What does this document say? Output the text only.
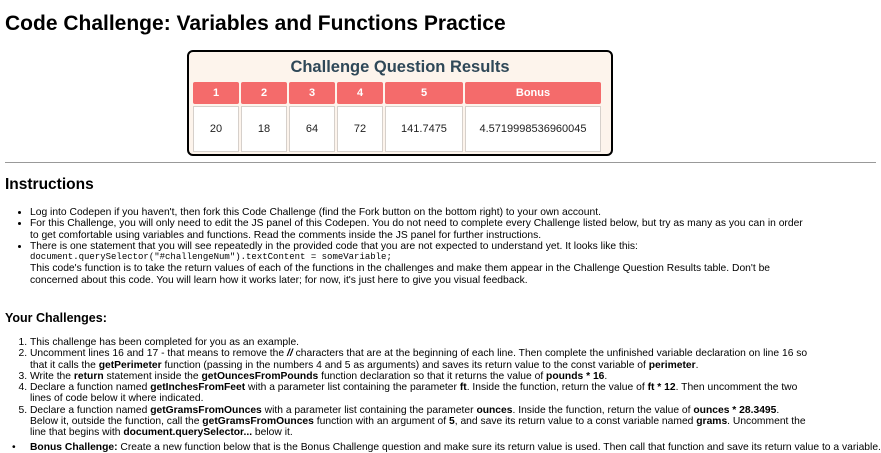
Code Challenge: Variables and Functions Practice
Challenge Question Results
1	2	3	4	5	Bonus
20	18	64	72	141.7475	4.5719998536960045
Instructions
• Log into Codepen if you haven't, then fork this Code Challenge (find the Fork button on the bottom right) to your own account.
• For this Challenge, you will only need to edit the JS panel of this Codepen. You do not need to complete every Challenge listed below, but try as many as you can in order to get comfortable using variables and functions. Read the comments inside the JS panel for further instructions.
• There is one statement that you will see repeatedly in the provided code that you are not expected to understand yet. It looks like this:
document.querySelector("#challengeNum").textContent = someVariable;
This code's function is to take the return values of each of the functions in the challenges and make them appear in the Challenge Question Results table. Don't be concerned about this code. You will learn how it works later; for now, it's just here to give you visual feedback.
Your Challenges:
1. This challenge has been completed for you as an example.
2. Uncomment lines 16 and 17 - that means to remove the // characters that are at the beginning of each line. Then complete the unfinished variable declaration on line 16 so that it calls the getPerimeter function (passing in the numbers 4 and 5 as arguments) and saves its return value to the const variable of perimeter.
3. Write the return statement inside the getOuncesFromPounds function declaration so that it returns the value of pounds * 16.
4. Declare a function named getInchesFromFeet with a parameter list containing the parameter ft. Inside the function, return the value of ft * 12. Then uncomment the two lines of code below it where indicated.
5. Declare a function named getGramsFromOunces with a parameter list containing the parameter ounces. Inside the function, return the value of ounces * 28.3495. Below it, outside the function, call the getGramsFromOunces function with an argument of 5, and save its return value to a const variable named grams. Uncomment the line that begins with document.querySelector... below it.
• Bonus Challenge: Create a new function below that is the Bonus Challenge question and make sure its return value is used. Then call that function and save its return value to a variable.
